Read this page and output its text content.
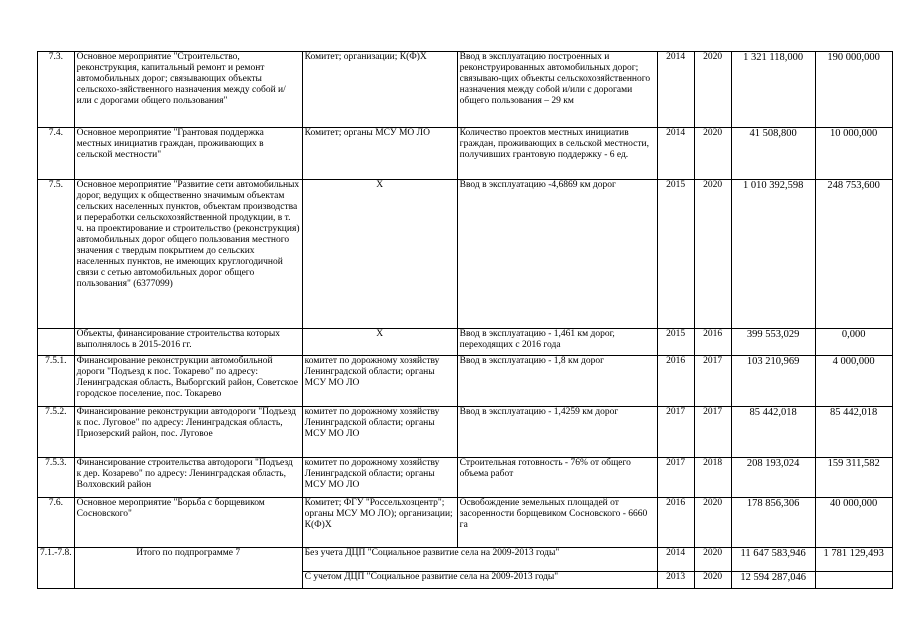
7.3.	Основное мероприятие "Строительство, реконструкция, капитальный ремонт и ремонт автомобильных дорог; связывающих объекты сельскохо-зяйственного назначения между собой и/или с дорогами общего пользования"	Комитет; организации; К(Ф)Х	Ввод в эксплуатацию построенных и реконструированных автомобильных дорог; связываю-щих объекты сельскохозяйственного назначения между собой и/или с дорогами общего пользования – 29 км	2014	2020	1 321 118,000	190 000,000
7.4.	Основное мероприятие "Грантовая поддержка местных инициатив граждан, проживающих в сельской местности"	Комитет; органы МСУ МО ЛО	Количество проектов местных инициатив граждан, проживающих в сельской местности, получивших грантовую поддержку - 6 ед.	2014	2020	41 508,800	10 000,000
7.5.	Основное мероприятие "Развитие сети автомобильных дорог, ведущих к общественно значимым объектам сельских населенных пунктов, объектам производства и переработки сельскохозяйственной продукции, в т. ч. на проектирование и строительство (реконструкция) автомобильных дорог общего пользования местного значения с твердым покрытием до сельских населенных пунктов, не имеющих круглогодичной связи с сетью автомобильных дорог общего пользования" (6377099)	Х	Ввод в эксплуатацию -4,6869 км дорог	2015	2020	1 010 392,598	248 753,600
	Объекты, финансирование строительства которых выполнялось в 2015-2016 гг.	Х	Ввод в эксплуатацию - 1,461 км дорог, переходящих с 2016 года	2015	2016	399 553,029	0,000
7.5.1.	Финансирование реконструкции автомобильной дороги "Подъезд к пос. Токарево" по адресу: Ленинградская область, Выборгский район, Советское городское поселение, пос. Токарево	комитет по дорожному хозяйству Ленинградской области; органы МСУ МО ЛО	Ввод в эксплуатацию - 1,8 км дорог	2016	2017	103 210,969	4 000,000
7.5.2.	Финансирование реконструкции автодороги "Подъезд к пос. Луговое" по адресу: Ленинградская область, Приозерский район, пос. Луговое	комитет по дорожному хозяйству Ленинградской области; органы МСУ МО ЛО	Ввод в эксплуатацию - 1,4259 км дорог	2017	2017	85 442,018	85 442,018
7.5.3.	Финансирование строительства автодороги "Подъезд к дер. Козарево" по адресу: Ленинградская область, Волховский район	комитет по дорожному хозяйству Ленинградской области; органы МСУ МО ЛО	Строительная готовность - 76% от общего объема работ	2017	2018	208 193,024	159 311,582
7.6.	Основное мероприятие "Борьба с борщевиком Сосновского"	Комитет; ФГУ "Россельхозцентр"; органы МСУ МО ЛО); организации; К(Ф)Х	Освобождение земельных площадей от засоренности борщевиком Сосновского - 6660 га	2016	2020	178 856,306	40 000,000
7.1.-7.8.	Итого по подпрограмме 7	Без учета ДЦП "Социальное развитие села на 2009-2013 годы"		2014	2020	11 647 583,946	1 781 129,493
		С учетом ДЦП "Социальное развитие села на 2009-2013 годы"		2013	2020	12 594 287,046	
